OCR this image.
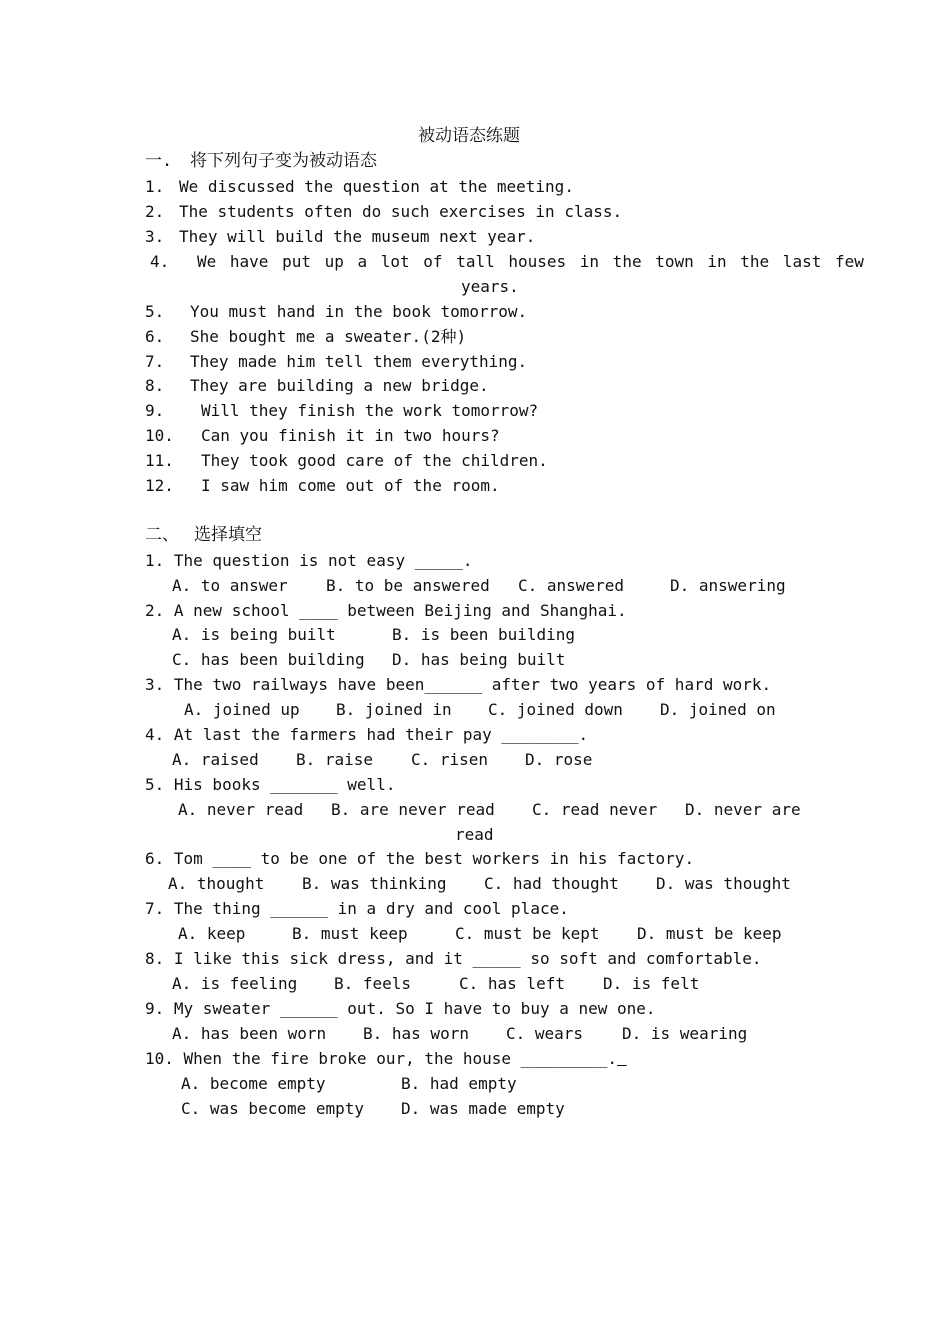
被动语态练题
一. 将下列句子变为被动语态
1. We discussed the question at the meeting.
2. The students often do such exercises in class.
3. They will build the museum next year.
4. We have put up a lot of tall houses in the town in the last few
years.
5. You must hand in the book tomorrow.
6. She bought me a sweater.(2种)
7. They made him tell them everything.
8. They are building a new bridge.
9. Will they finish the work tomorrow?
10. Can you finish it in two hours?
11. They took good care of the children.
12. I saw him come out of the room.
二、 选择填空
1. The question is not easy _____.
A. to answer B. to be answered C. answered	D. answering
2. A new school ____ between Beijing and Shanghai.
A. is being built	B. is been building
C. has been building D. has being built
3. The two railways have been______ after two years of hard work.
A. joined up B. joined in C. joined down D. joined on
4. At last the farmers had their pay ________.
A. raised B. raise C. risen D. rose
5. His books _______ well.
A. never read B. are never read C. read never D. never are
read
6. Tom ____ to be one of the best workers in his factory.
A. thought B. was thinking C. had thought D. was thought
7. The thing ______ in a dry and cool place.
A. keep	B. must keep	C. must be kept D. must be keep
8. I like this sick dress, and it _____ so soft and comfortable.
A. is feeling B. feels	C. has left D. is felt
9. My sweater ______ out. So I have to buy a new one.
A. has been worn B. has worn C. wears D. is wearing
10. When the fire broke our, the house _________.
A. become empty	B. had empty
C. was become empty D. was made empty
